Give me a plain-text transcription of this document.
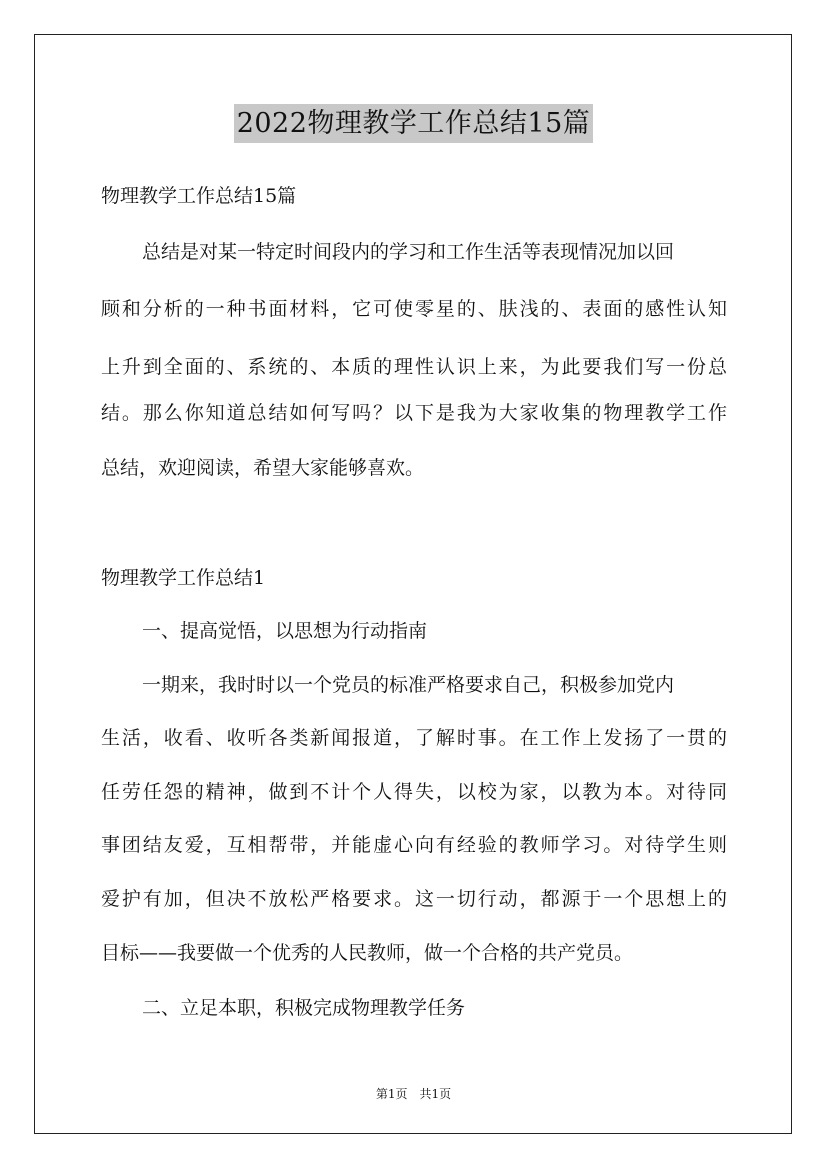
2022物理教学工作总结15篇
物理教学工作总结15篇
总结是对某一特定时间段内的学习和工作生活等表现情况加以回
顾和分析的一种书面材料，它可使零星的、肤浅的、表面的感性认知
上升到全面的、系统的、本质的理性认识上来，为此要我们写一份总
结。那么你知道总结如何写吗？以下是我为大家收集的物理教学工作
总结，欢迎阅读，希望大家能够喜欢。
物理教学工作总结1
一、提高觉悟，以思想为行动指南
一期来，我时时以一个党员的标准严格要求自己，积极参加党内
生活，收看、收听各类新闻报道，了解时事。在工作上发扬了一贯的
任劳任怨的精神，做到不计个人得失，以校为家，以教为本。对待同
事团结友爱，互相帮带，并能虚心向有经验的教师学习。对待学生则
爱护有加，但决不放松严格要求。这一切行动，都源于一个思想上的
目标——我要做一个优秀的人民教师，做一个合格的共产党员。
二、立足本职，积极完成物理教学任务
第1页　共1页
